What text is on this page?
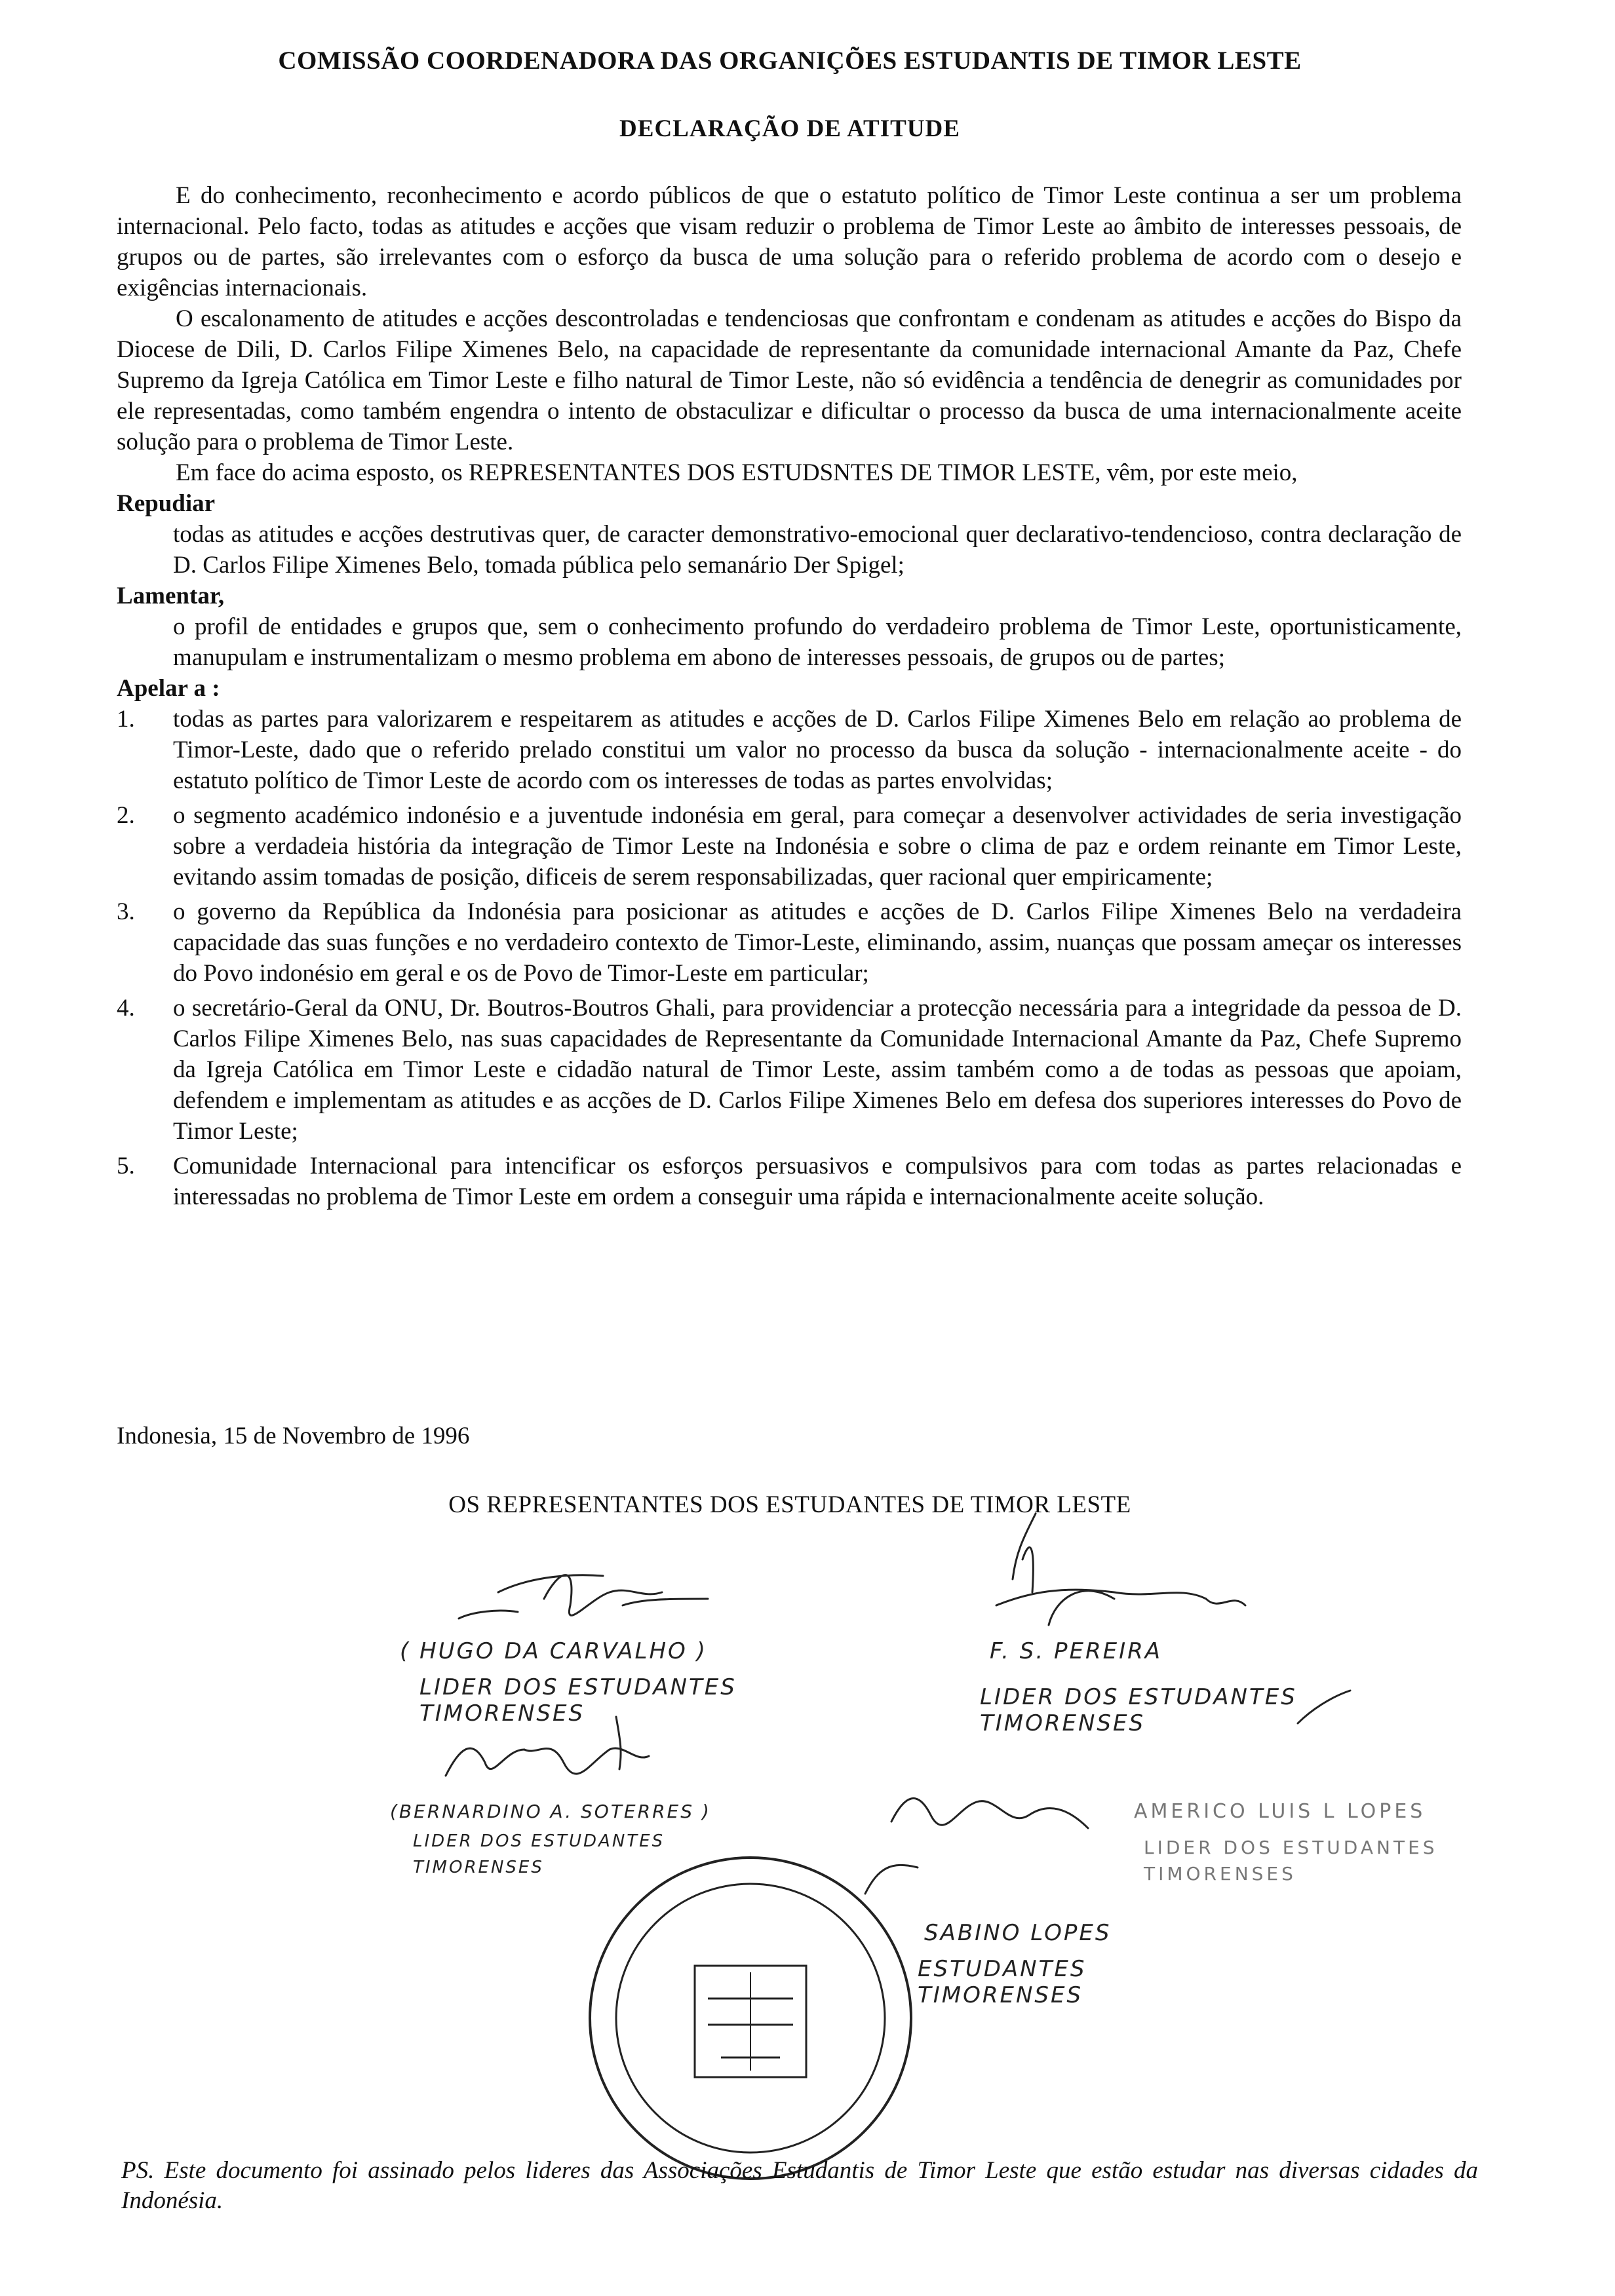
COMISSÃO COORDENADORA DAS ORGANIÇÕES ESTUDANTIS DE TIMOR LESTE
DECLARAÇÃO DE ATITUDE

E do conhecimento, reconhecimento e acordo públicos de que o estatuto político de Timor Leste continua a ser um problema internacional. Pelo facto, todas as atitudes e acções que visam reduzir o problema de Timor Leste ao âmbito de interesses pessoais, de grupos ou de partes, são irrelevantes com o esforço da busca de uma solução para o referido problema de acordo com o desejo e exigências internacionais.

O escalonamento de atitudes e acções descontroladas e tendenciosas que confrontam e condenam as atitudes e acções do Bispo da Diocese de Dili, D. Carlos Filipe Ximenes Belo, na capacidade de representante da comunidade internacional Amante da Paz, Chefe Supremo da Igreja Católica em Timor Leste e filho natural de Timor Leste, não só evidência a tendência de denegrir as comunidades por ele representadas, como também engendra o intento de obstaculizar e dificultar o processo da busca de uma internacionalmente aceite solução para o problema de Timor Leste.

Em face do acima esposto, os REPRESENTANTES DOS ESTUDSNTES DE TIMOR LESTE, vêm, por este meio,

Repudiar
todas as atitudes e acções destrutivas quer, de caracter demonstrativo-emocional quer declarativo-tendencioso, contra declaração de D. Carlos Filipe Ximenes Belo, tomada pública pelo semanário Der Spigel;
Lamentar,
o profil de entidades e grupos que, sem o conhecimento profundo do verdadeiro problema de Timor Leste, oportunisticamente, manupulam e instrumentalizam o mesmo problema em abono de interesses pessoais, de grupos ou de partes;
Apelar a :
1. todas as partes para valorizarem e respeitarem as atitudes e acções de D. Carlos Filipe Ximenes Belo em relação ao problema de Timor-Leste, dado que o referido prelado constitui um valor no processo da busca da solução - internacionalmente aceite - do estatuto político de Timor Leste de acordo com os interesses de todas as partes envolvidas;
2. o segmento académico indonésio e a juventude indonésia em geral, para começar a desenvolver actividades de seria investigação sobre a verdadeia história da integração de Timor Leste na Indonésia e sobre o clima de paz e ordem reinante em Timor Leste, evitando assim tomadas de posição, dificeis de serem responsabilizadas, quer racional quer empiricamente;
3. o governo da República da Indonésia para posicionar as atitudes e acções de D. Carlos Filipe Ximenes Belo na verdadeira capacidade das suas funções e no verdadeiro contexto de Timor-Leste, eliminando, assim, nuanças que possam ameçar os interesses do Povo indonésio em geral e os de Povo de Timor-Leste em particular;
4. o secretário-Geral da ONU, Dr. Boutros-Boutros Ghali, para providenciar a protecção necessária para a integridade da pessoa de D. Carlos Filipe Ximenes Belo, nas suas capacidades de Representante da Comunidade Internacional Amante da Paz, Chefe Supremo da Igreja Católica em Timor Leste e cidadão natural de Timor Leste, assim também como a de todas as pessoas que apoiam, defendem e implementam as atitudes e as acções de D. Carlos Filipe Ximenes Belo em defesa dos superiores interesses do Povo de Timor Leste;
5. Comunidade Internacional para intencificar os esforços persuasivos e compulsivos para com todas as partes relacionadas e interessadas no problema de Timor Leste em ordem a conseguir uma rápida e internacionalmente aceite solução.
Indonesia, 15 de Novembro de 1996
OS REPRESENTANTES DOS ESTUDANTES DE TIMOR LESTE
( HUGO DA CARVALHO )
LIDER DOS ESTUDANTES TIMORENSES
F. S. PEREIRA
LIDER DOS ESTUDANTES TIMORENSES
(BERNARDINO A. SOTERRES )
LIDER DOS ESTUDANTES TIMORENSES
AMERICO LUIS L LOPES
LIDER DOS ESTUDANTES TIMORENSES
SABINO LOPES
ESTUDANTES TIMORENSES
PS. Este documento foi assinado pelos lideres das Associações Estudantis de Timor Leste que estão estudar nas diversas cidades da Indonésia.
